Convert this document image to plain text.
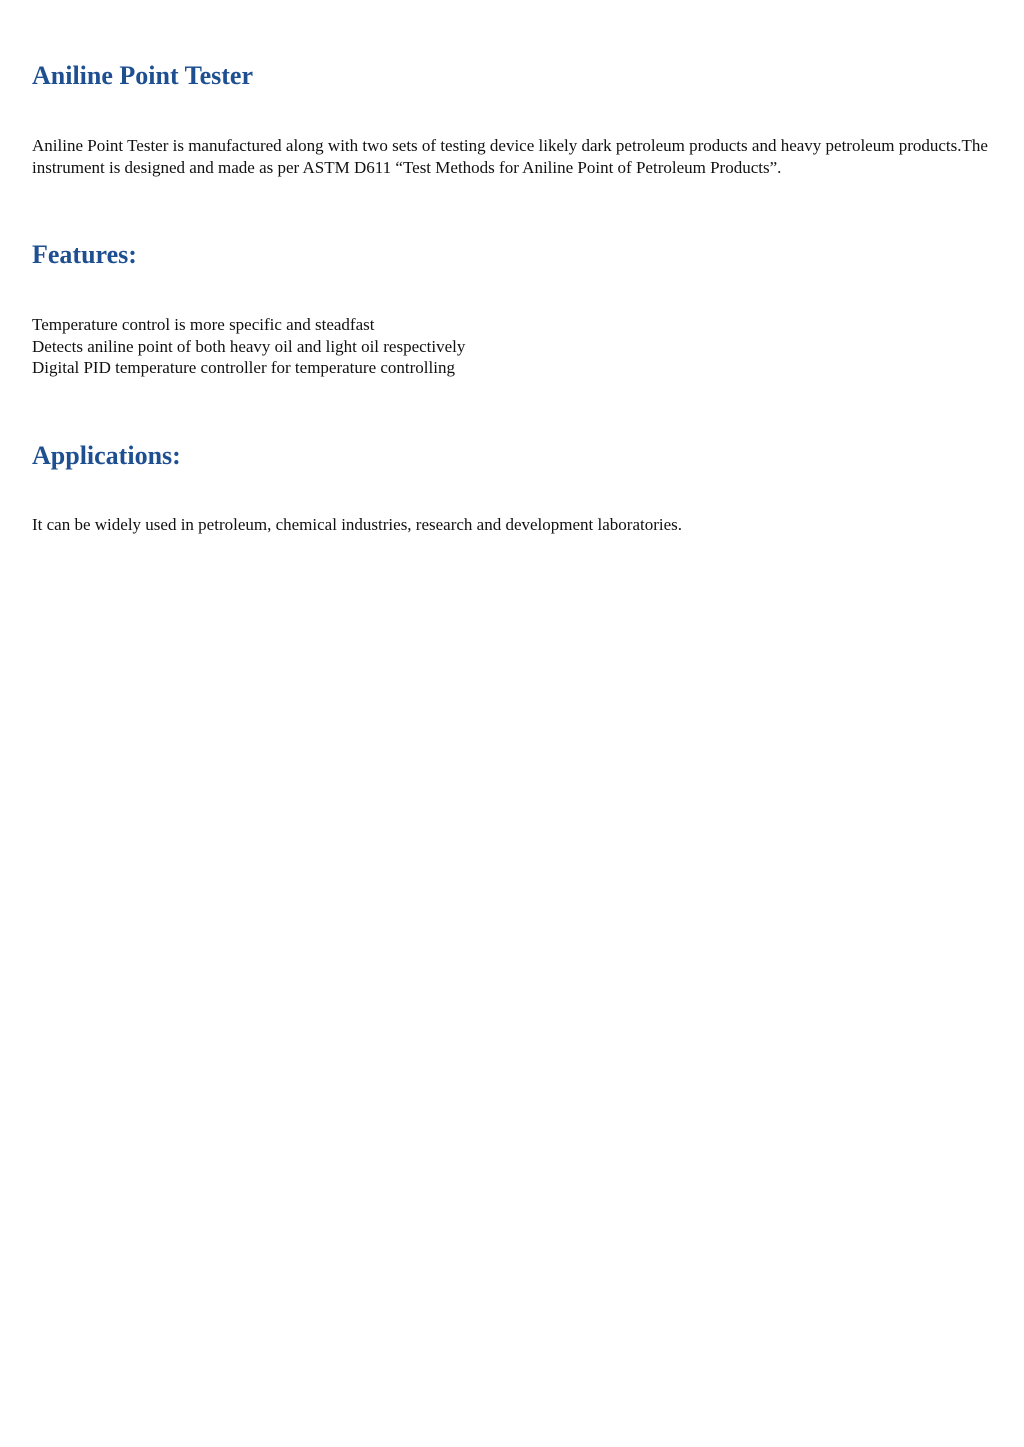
Aniline Point Tester

Aniline Point Tester is manufactured along with two sets of testing device likely dark petroleum products and heavy petroleum products.The instrument is designed and made as per ASTM D611 “Test Methods for Aniline Point of Petroleum Products”.

Features:

Temperature control is more specific and steadfast
Detects aniline point of both heavy oil and light oil respectively
Digital PID temperature controller for temperature controlling

Applications:

It can be widely used in petroleum, chemical industries, research and development laboratories.
